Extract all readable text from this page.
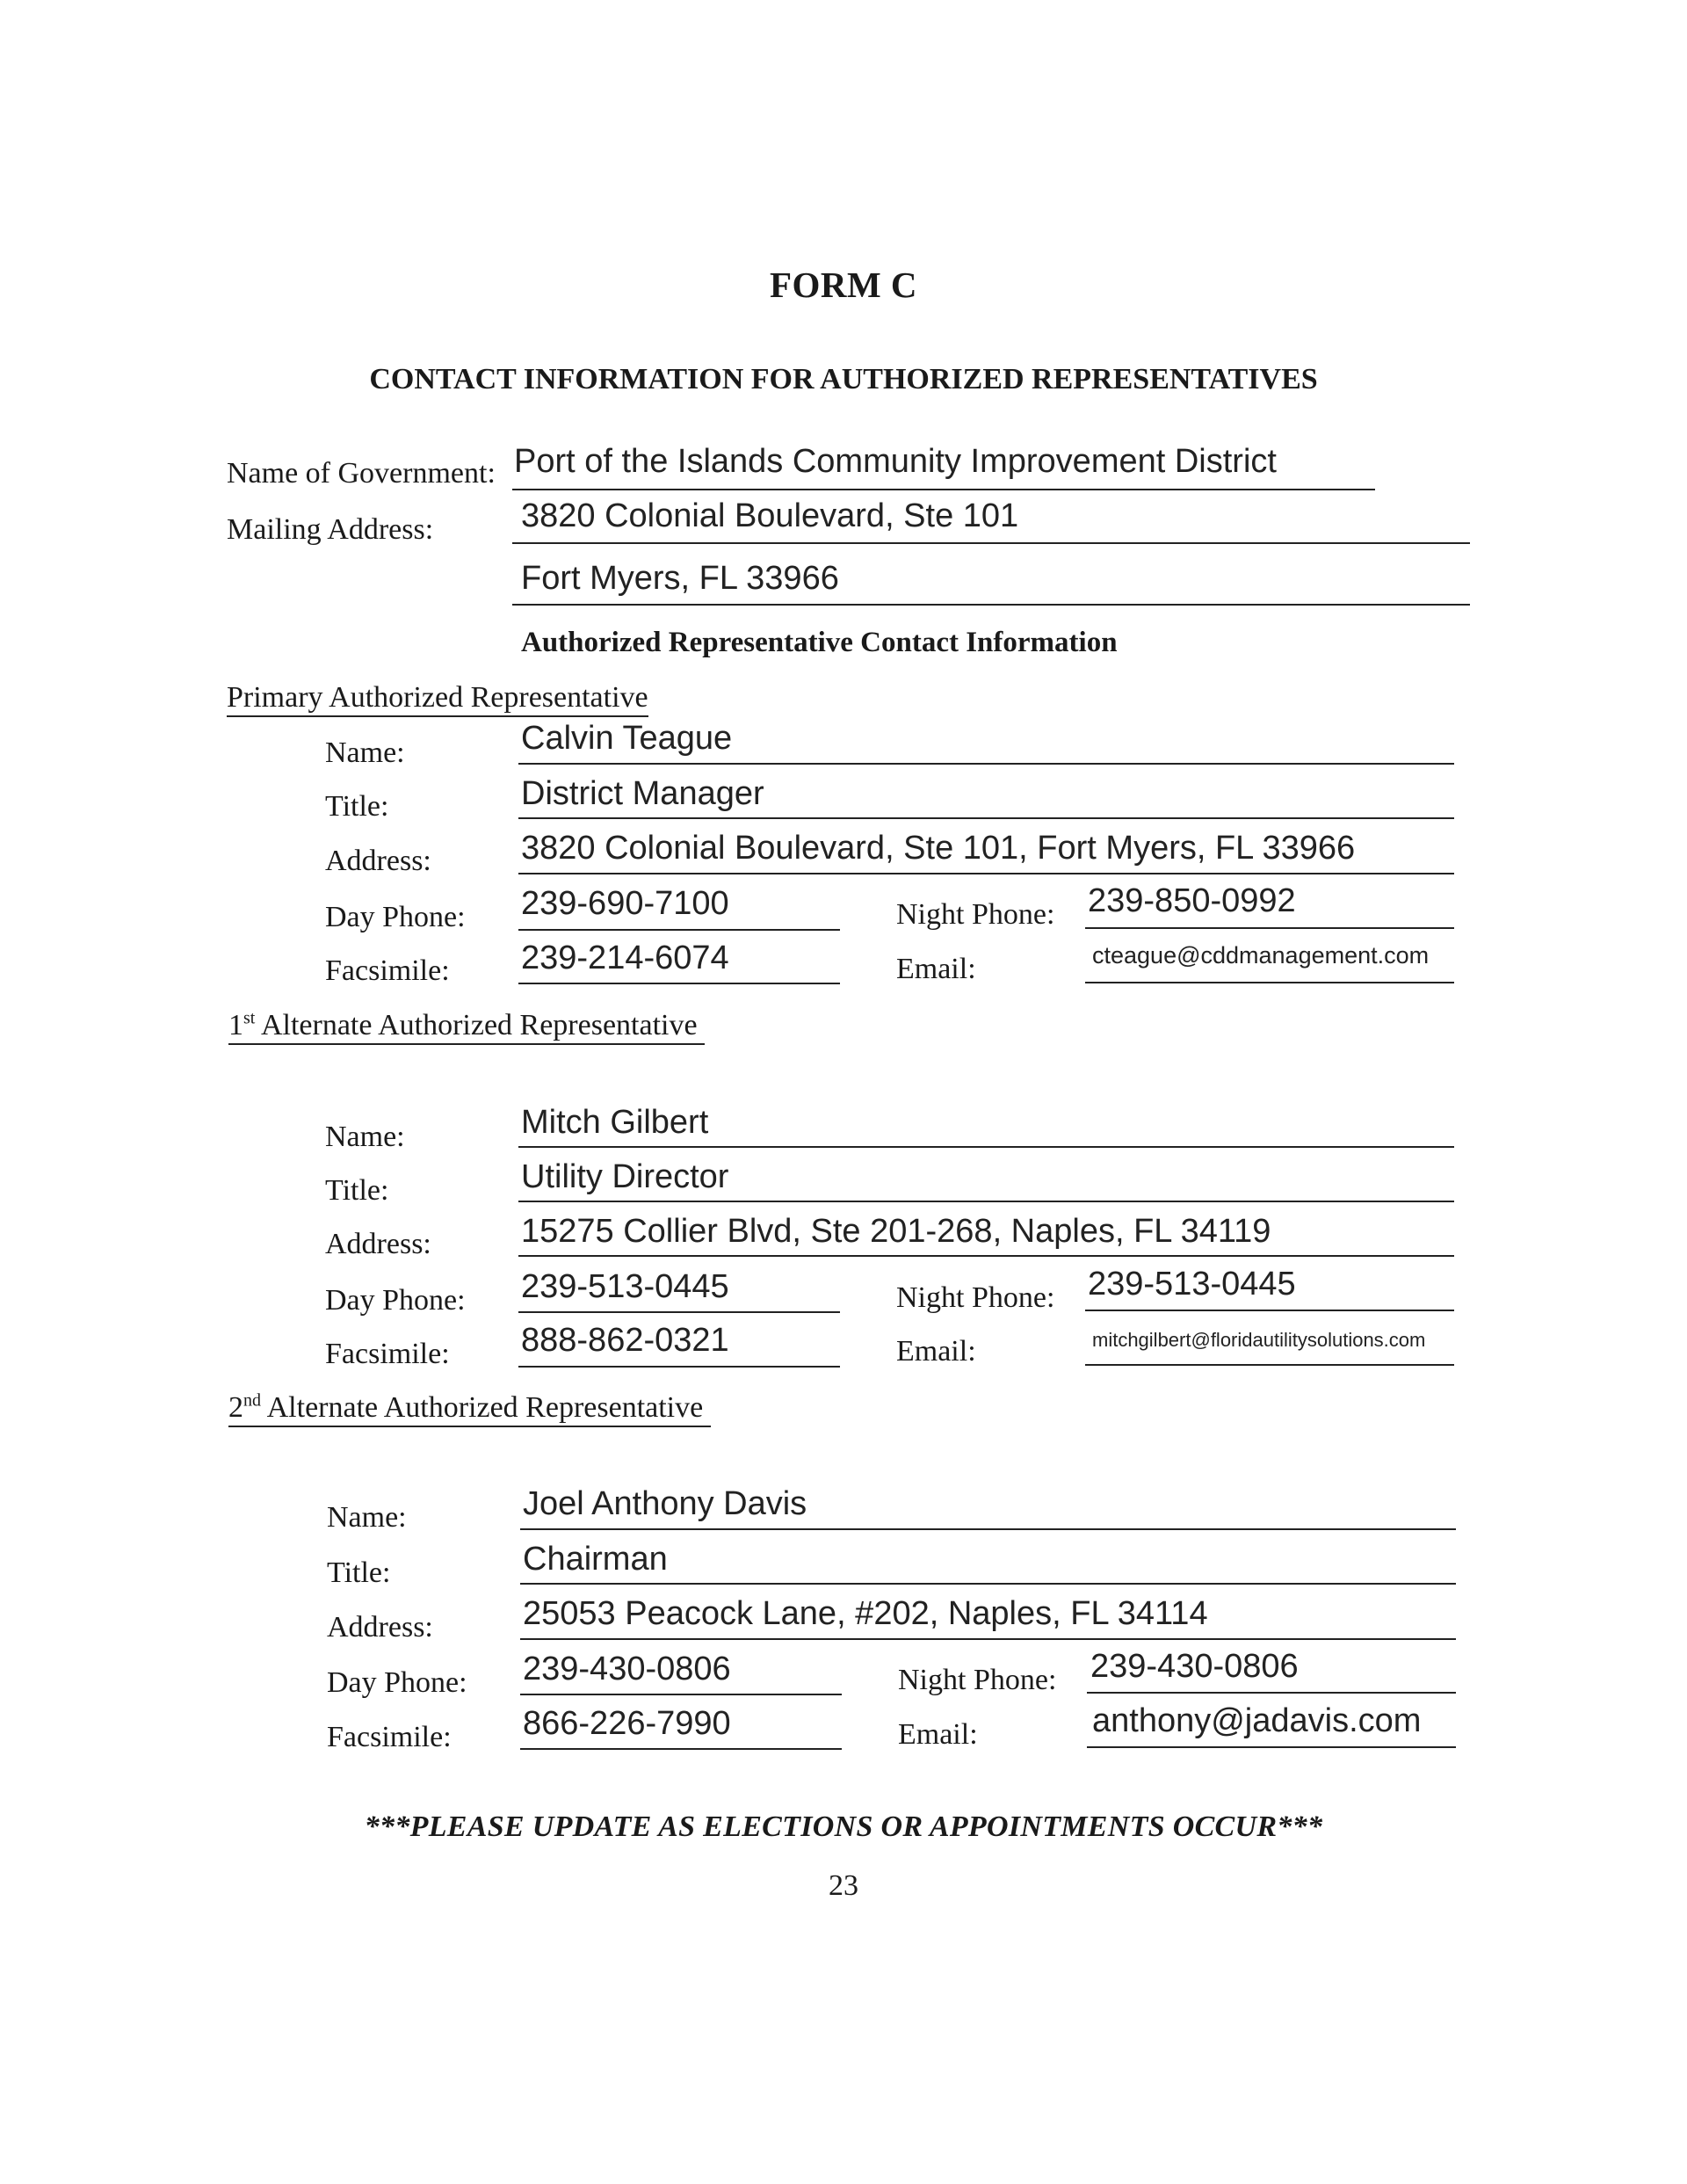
FORM C
CONTACT INFORMATION FOR AUTHORIZED REPRESENTATIVES
Name of Government: Port of the Islands Community Improvement District
Mailing Address:	3820 Colonial Boulevard, Ste 101
Fort Myers, FL 33966
Authorized Representative Contact Information
Primary Authorized Representative
Name:	Calvin Teague
Title:	District Manager
Address:	3820 Colonial Boulevard, Ste 101, Fort Myers, FL 33966
Day Phone: 239-690-7100	Night Phone: 239-850-0992
Facsimile: 239-214-6074	Email:	cteague@cddmanagement.com
1st Alternate Authorized Representative
Name:	Mitch Gilbert
Title:	Utility Director
Address:	15275 Collier Blvd, Ste 201-268, Naples, FL 34119
Day Phone: 239-513-0445	Night Phone: 239-513-0445
Facsimile: 888-862-0321	Email:	mitchgilbert@floridautilitysolutions.com
2nd Alternate Authorized Representative
Name:	Joel Anthony Davis
Title:	Chairman
Address:	25053 Peacock Lane, #202, Naples, FL 34114
Day Phone: 239-430-0806	Night Phone: 239-430-0806
Facsimile: 866-226-7990	Email:	anthony@jadavis.com
***PLEASE UPDATE AS ELECTIONS OR APPOINTMENTS OCCUR***
23
